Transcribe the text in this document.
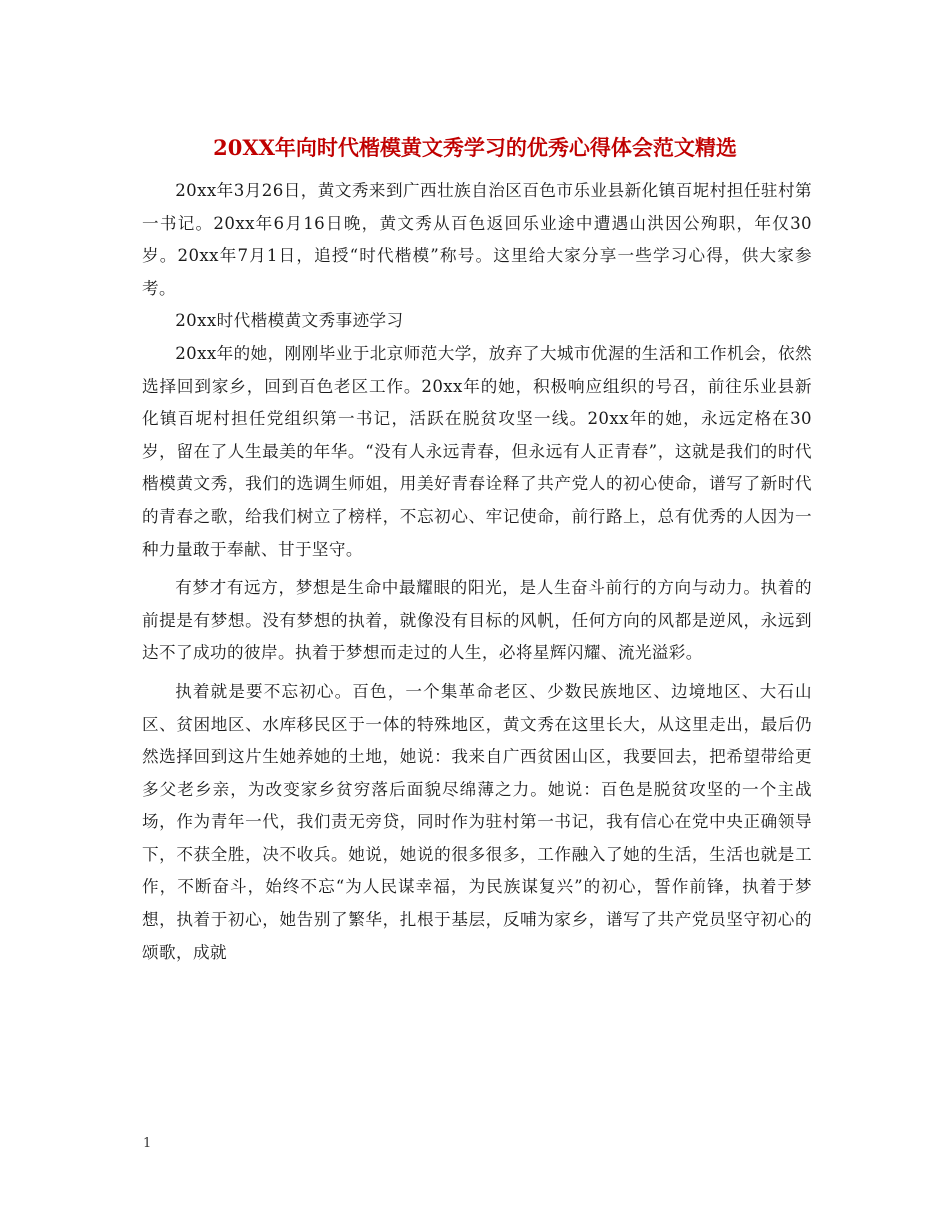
20XX年向时代楷模黄文秀学习的优秀心得体会范文精选

20xx年3月26日，黄文秀来到广西壮族自治区百色市乐业县新化镇百坭村担任驻村第一书记。20xx年6月16日晚，黄文秀从百色返回乐业途中遭遇山洪因公殉职，年仅30岁。20xx年7月1日，追授“时代楷模”称号。这里给大家分享一些学习心得，供大家参考。

20xx时代楷模黄文秀事迹学习

20xx年的她，刚刚毕业于北京师范大学，放弃了大城市优渥的生活和工作机会，依然选择回到家乡，回到百色老区工作。20xx年的她，积极响应组织的号召，前往乐业县新化镇百坭村担任党组织第一书记，活跃在脱贫攻坚一线。20xx年的她，永远定格在30岁，留在了人生最美的年华。“没有人永远青春，但永远有人正青春”，这就是我们的时代楷模黄文秀，我们的选调生师姐，用美好青春诠释了共产党人的初心使命，谱写了新时代的青春之歌，给我们树立了榜样，不忘初心、牢记使命，前行路上，总有优秀的人因为一种力量敢于奉献、甘于坚守。

有梦才有远方，梦想是生命中最耀眼的阳光，是人生奋斗前行的方向与动力。执着的前提是有梦想。没有梦想的执着，就像没有目标的风帆，任何方向的风都是逆风，永远到达不了成功的彼岸。执着于梦想而走过的人生，必将星辉闪耀、流光溢彩。

执着就是要不忘初心。百色，一个集革命老区、少数民族地区、边境地区、大石山区、贫困地区、水库移民区于一体的特殊地区，黄文秀在这里长大，从这里走出，最后仍然选择回到这片生她养她的土地，她说：我来自广西贫困山区，我要回去，把希望带给更多父老乡亲，为改变家乡贫穷落后面貌尽绵薄之力。她说：百色是脱贫攻坚的一个主战场，作为青年一代，我们责无旁贷，同时作为驻村第一书记，我有信心在党中央正确领导下，不获全胜，决不收兵。她说，她说的很多很多，工作融入了她的生活，生活也就是工作，不断奋斗，始终不忘“为人民谋幸福，为民族谋复兴”的初心，誓作前锋，执着于梦想，执着于初心，她告别了繁华，扎根于基层，反哺为家乡，谱写了共产党员坚守初心的颂歌，成就

1
